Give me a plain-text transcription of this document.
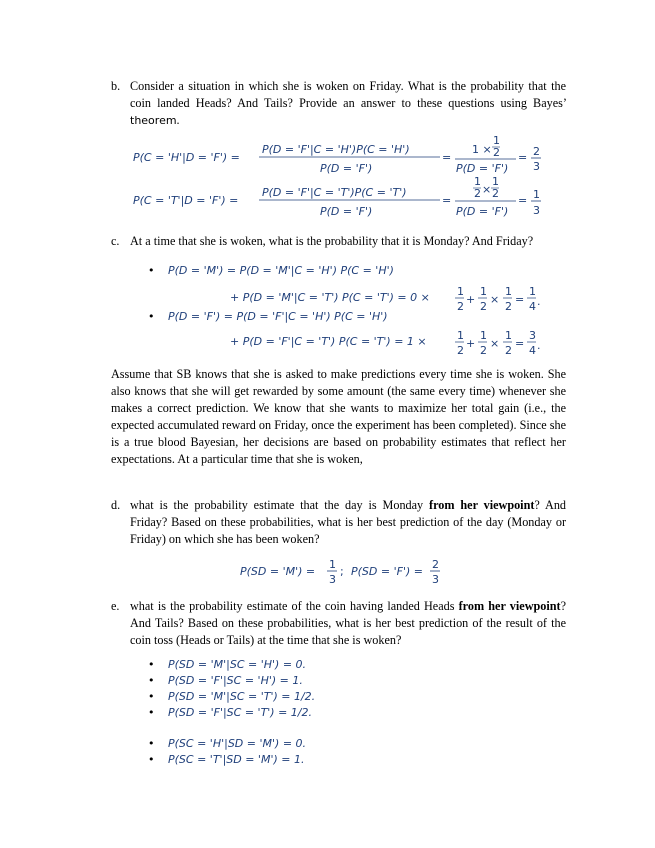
b. Consider a situation in which she is woken on Friday. What is the probability that the coin landed Heads? And Tails? Provide an answer to these questions using Bayes’ theorem.
P(C = 'H'|D = 'F') =
P(D = 'F'|C = 'H')P(C = 'H')
P(D = 'F')
=
1 ×
1
2
P(D = 'F')
= 2
3
P(C = 'T'|D = 'F') =
P(D = 'F'|C = 'T')P(C = 'T')
P(D = 'F')
=
1
2 ×
1
2
P(D = 'F')
= 1
3
c. At a time that she is woken, what is the probability that it is Monday? And Friday?
• P(D = 'M') = P(D = 'M'|C = 'H') P(C = 'H')
+ P(D = 'M'|C = 'T') P(C = 'T') = 0 × 1
2
+
1
2
×
1
2
=
1
4 .
• P(D = 'F') = P(D = 'F'|C = 'H') P(C = 'H')
+ P(D = 'F'|C = 'T') P(C = 'T') = 1 ×	1
2
+
1
2
×
1
2
=
3
4 .
Assume that SB knows that she is asked to make predictions every time she is woken. She also knows that she will get rewarded by some amount (the same every time) whenever she makes a correct prediction. We know that she wants to maximize her total gain (i.e., the expected accumulated reward on Friday, once the experiment has been completed). Since she is a true blood Bayesian, her decisions are based on probability estimates that reflect her expectations. At a particular time that she is woken,
d. what is the probability estimate that the day is Monday from her viewpoint? And Friday? Based on these probabilities, what is her best prediction of the day (Monday or Friday) on which she has been woken?
P(SD = 'M') =
1
3
; P(SD = 'F') =
2
3
e. what is the probability estimate of the coin having landed Heads from her viewpoint? And Tails? Based on these probabilities, what is her best prediction of the result of the coin toss (Heads or Tails) at the time that she is woken?
• P(SD = 'M'|SC = 'H') = 0.
• P(SD = 'F'|SC = 'H') = 1.
• P(SD = 'M'|SC = 'T') = 1/2.
• P(SD = 'F'|SC = 'T') = 1/2.
• P(SC = 'H'|SD = 'M') = 0.
• P(SC = 'T'|SD = 'M') = 1.
